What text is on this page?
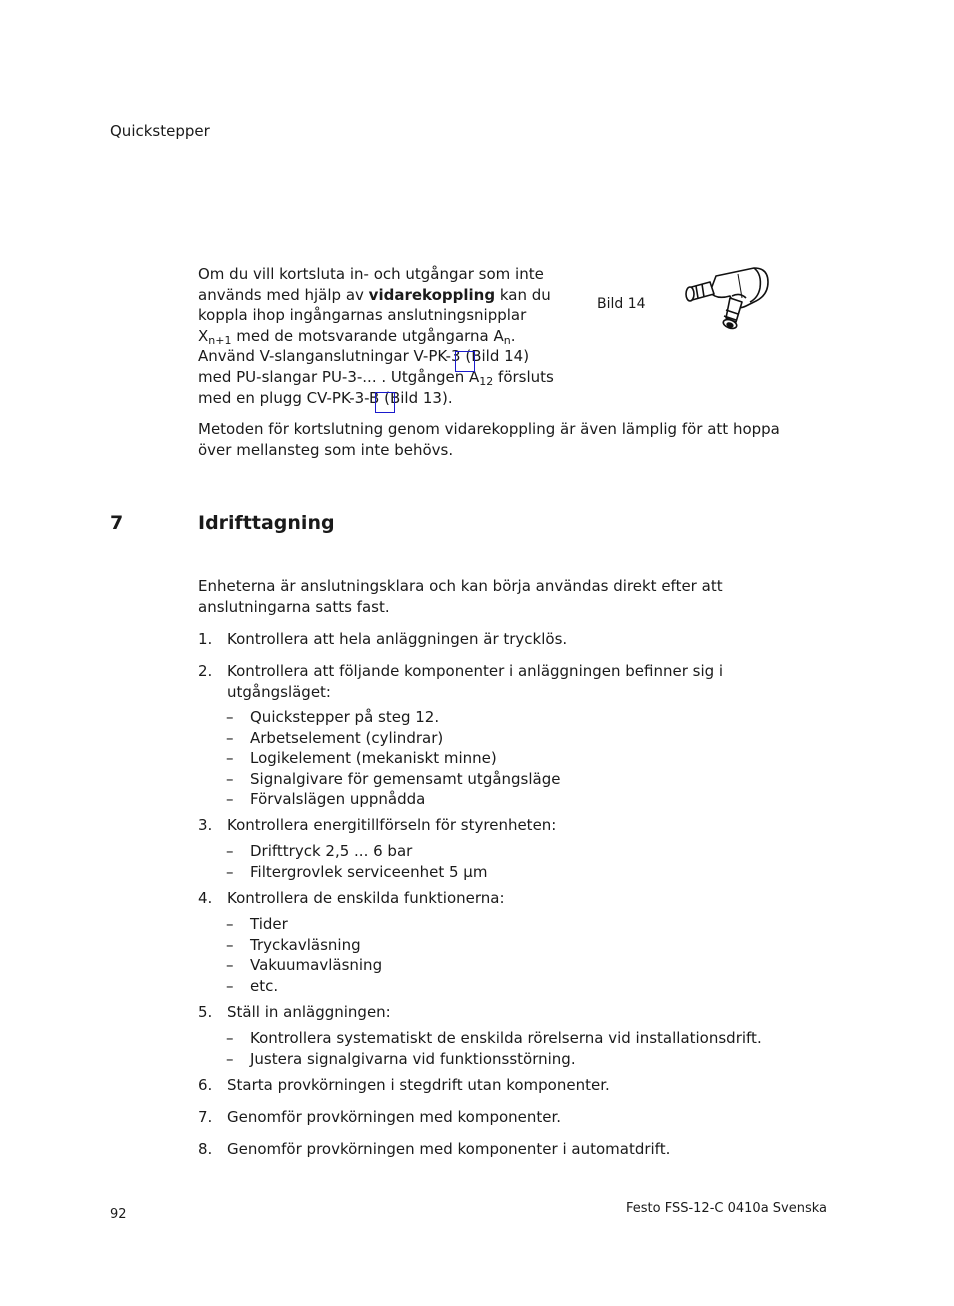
Quickstepper
Om du vill kortsluta in- och utgångar som inte används med hjälp av vidarekoppling kan du koppla ihop ingångarnas anslutningsnipplar $X_{n+1}$ med de motsvarande utgångarna $A_n$. Använd V-slanganslutningar V-PK-3 (Bild 14) med PU-slangar PU-3-... . Utgången $A_{12}$ försluts med en plugg CV-PK-3-B (Bild 13).
Bild 14
Metoden för kortslutning genom vidarekoppling är även lämplig för att hoppa över mellansteg som inte behövs.
7	Idrifttagning
Enheterna är anslutningsklara och kan börja användas direkt efter att anslutningarna satts fast.
1. Kontrollera att hela anläggningen är trycklös.
2. Kontrollera att följande komponenter i anläggningen befinner sig i utgångsläget:
– Quickstepper på steg 12.
– Arbetselement (cylindrar)
– Logikelement (mekaniskt minne)
– Signalgivare för gemensamt utgångsläge
– Förvalslägen uppnådda
3. Kontrollera energitillförseln för styrenheten:
– Drifttryck 2,5 ... 6 bar
– Filtergrovlek serviceenhet 5 µm
4. Kontrollera de enskilda funktionerna:
– Tider
– Tryckavläsning
– Vakuumavläsning
– etc.
5. Ställ in anläggningen:
– Kontrollera systematiskt de enskilda rörelserna vid installationsdrift.
– Justera signalgivarna vid funktionsstörning.
6. Starta provkörningen i stegdrift utan komponenter.
7. Genomför provkörningen med komponenter.
8. Genomför provkörningen med komponenter i automatdrift.
92	Festo FSS-12-C 0410a Svenska
